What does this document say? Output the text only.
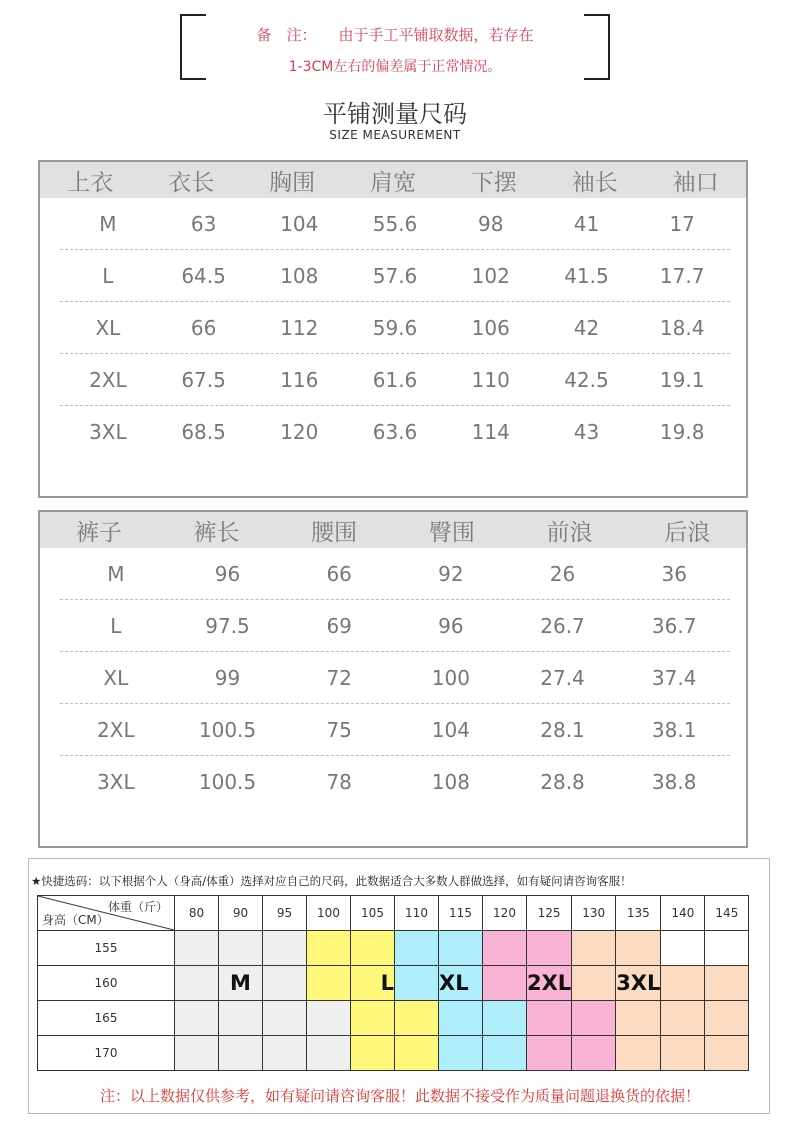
备　注： 由于手工平铺取数据，若存在
1-3CM左右的偏差属于正常情况。
平铺测量尺码
SIZE MEASUREMENT
上衣	衣长	胸围	肩宽	下摆	袖长	袖口
M	63	104	55.6	98	41	17
L	64.5	108	57.6	102	41.5	17.7
XL	66	112	59.6	106	42	18.4
2XL	67.5	116	61.6	110	42.5	19.1
3XL	68.5	120	63.6	114	43	19.8
裤子	裤长	腰围	臀围	前浪	后浪
M	96	66	92	26	36
L	97.5	69	96	26.7	36.7
XL	99	72	100	27.4	37.4
2XL	100.5	75	104	28.1	38.1
3XL	100.5	78	108	28.8	38.8
★快捷选码：以下根据个人（身高/体重）选择对应自己的尺码，此数据适合大多数人群做选择，如有疑问请咨询客服！
体重（斤）
身高（CM）	80	90	95	100	105	110	115	120	125	130	135	140	145
155													
160		M			L		XL		2XL		3XL		
165													
170													
注：以上数据仅供参考，如有疑问请咨询客服！此数据不接受作为质量问题退换货的依据！
